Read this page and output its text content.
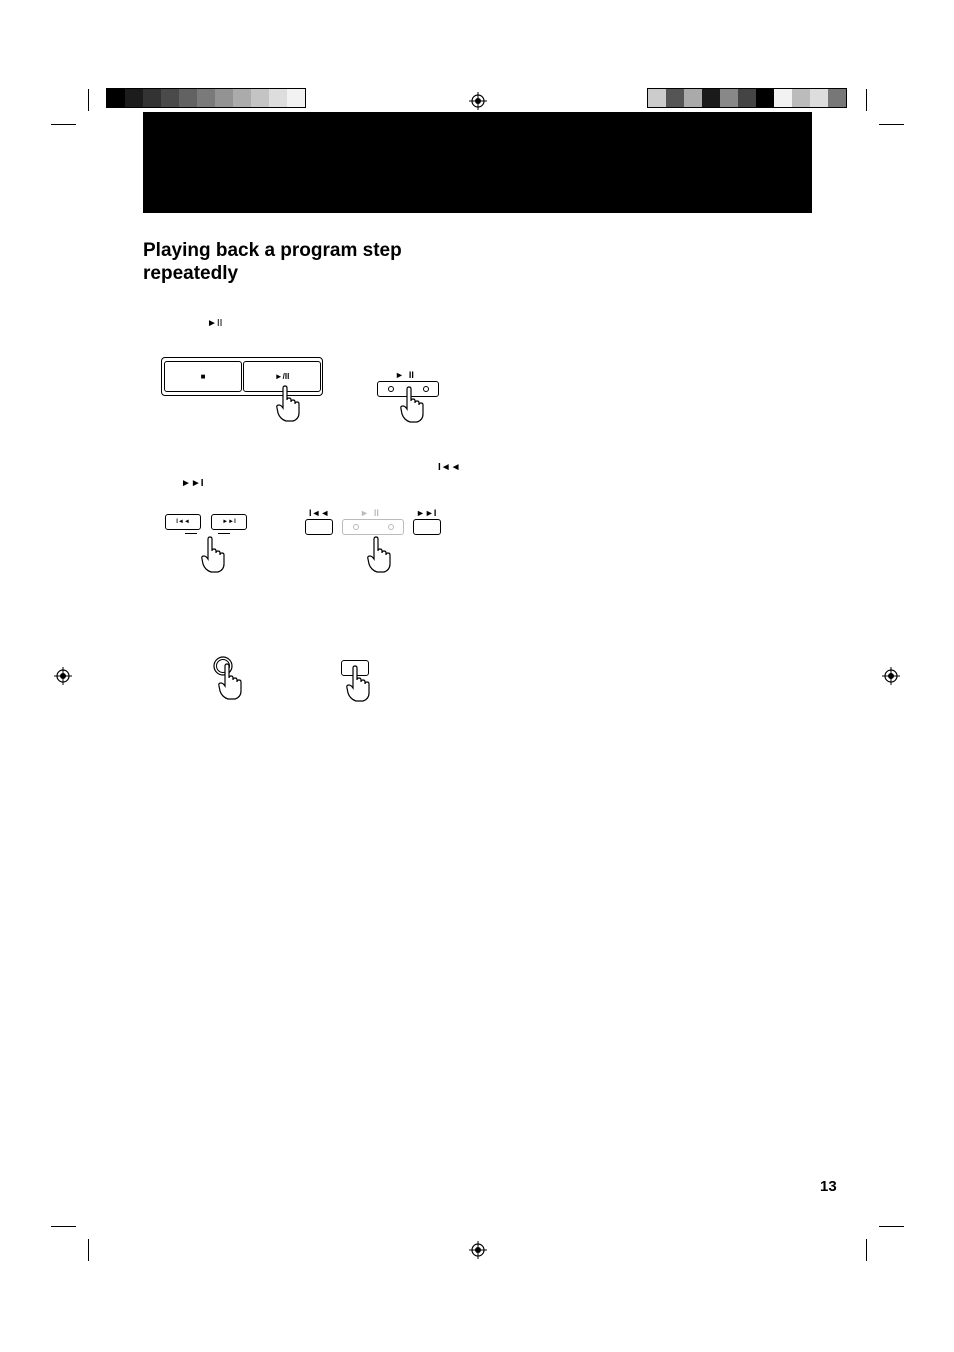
Playing back a program step repeatedly
►II
■	►/II	►  II
I◄◄
►►I
I◄◄	►►I
I◄◄	►  II	►►I
13
